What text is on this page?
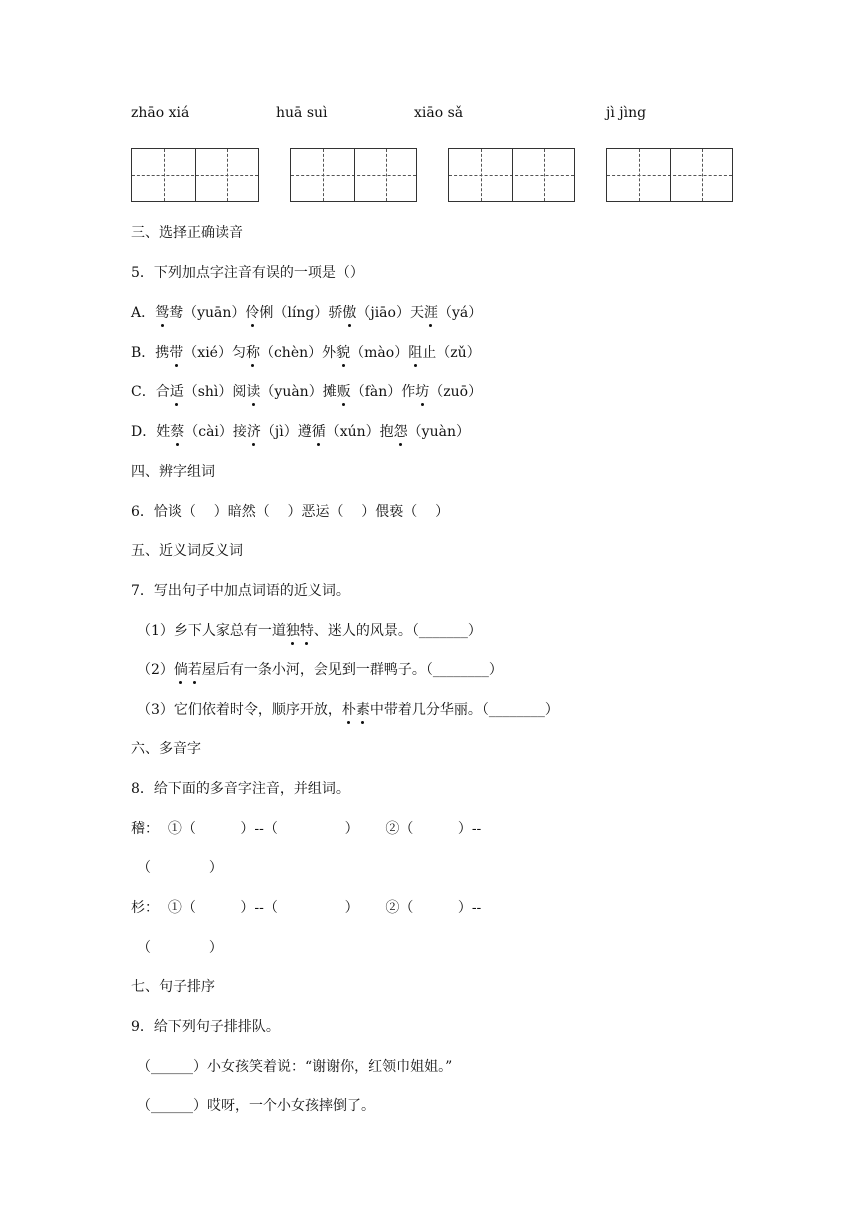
zhāo xiá	huā suì	xiāo sǎ	jì jìng
三、选择正确读音
5．下列加点字注音有误的一项是（）
A．鸳鸯（yuān）伶俐（líng）骄傲（jiāo）天涯（yá）
B．携带（xié）匀称（chèn）外貌（mào）阻止（zǔ）
C．合适（shì）阅读（yuàn）摊贩（fàn）作坊（zuō）
D．姓蔡（cài）接济（jì）遵循（xún）抱怨（yuàn）
四、辨字组词
6．恰谈（    ）暗然（    ）恶运（    ）偎亵（    ）
五、近义词反义词
7．写出句子中加点词语的近义词。
（1）乡下人家总有一道独特、迷人的风景。（_______）
（2）倘若屋后有一条小河，会见到一群鸭子。（________）
（3）它们依着时令，顺序开放，朴素中带着几分华丽。（________）
六、多音字
8．给下面的多音字注音，并组词。
稽：  ①（          ）--（               ）      ②（          ）--
（             ）
杉：  ①（          ）--（               ）      ②（          ）--
（             ）
七、句子排序
9．给下列句子排排队。
（______）小女孩笑着说：“谢谢你，红领巾姐姐。”
（______）哎呀，一个小女孩摔倒了。
